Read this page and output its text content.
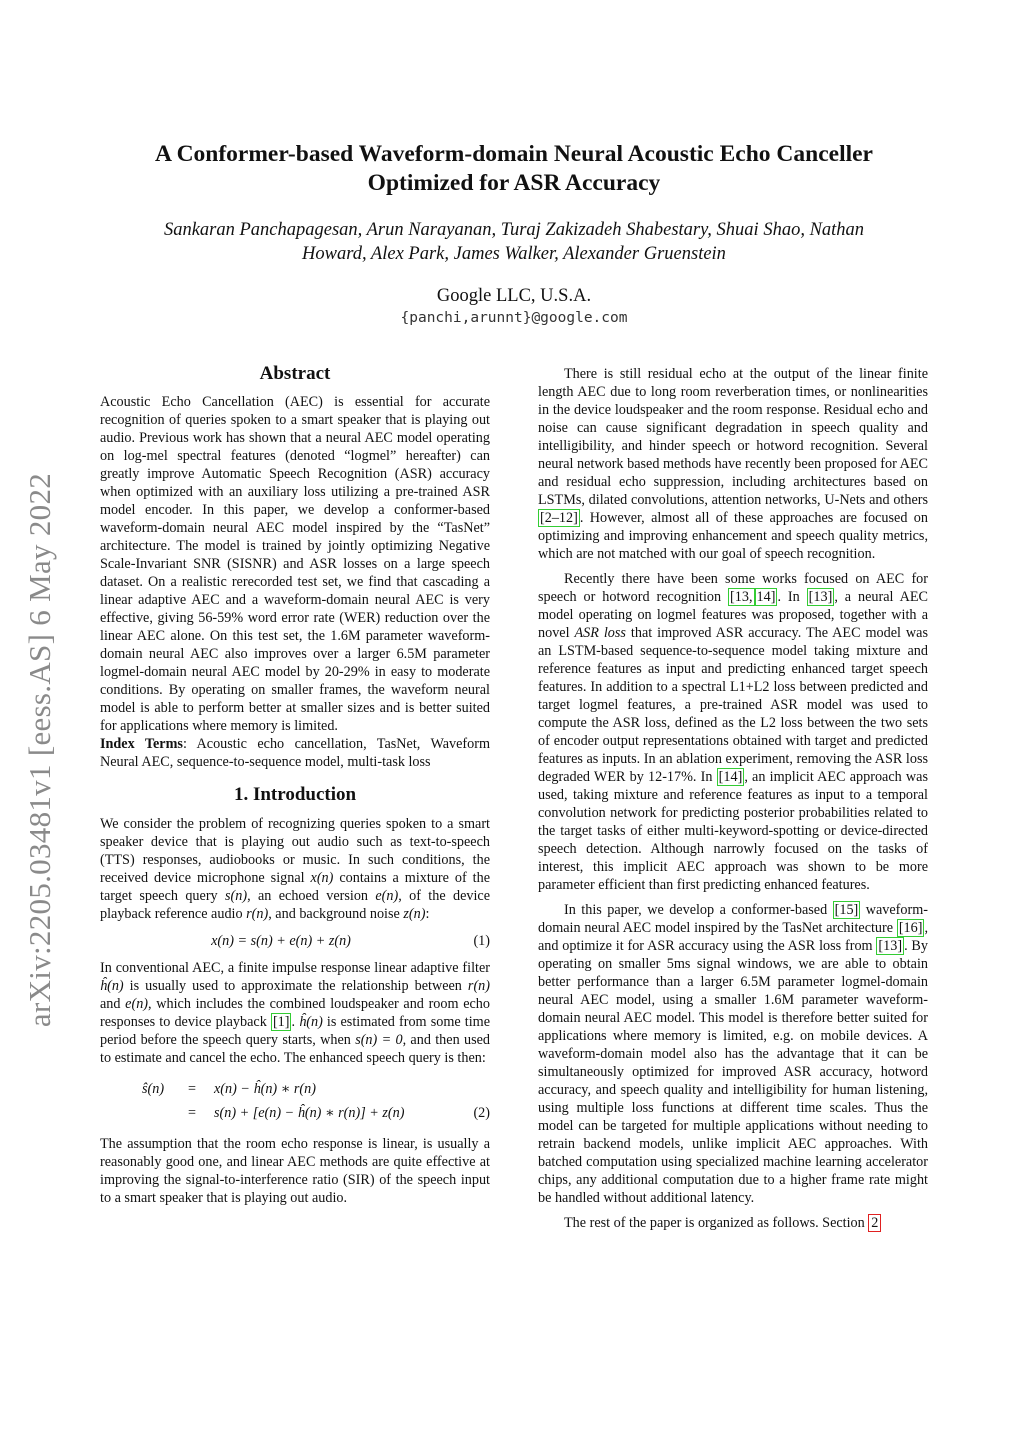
arXiv:2205.03481v1 [eess.AS] 6 May 2022
A Conformer-based Waveform-domain Neural Acoustic Echo Canceller
Optimized for ASR Accuracy
Sankaran Panchapagesan, Arun Narayanan, Turaj Zakizadeh Shabestary, Shuai Shao, Nathan
Howard, Alex Park, James Walker, Alexander Gruenstein
Google LLC, U.S.A.
{panchi,arunnt}@google.com
Abstract

Acoustic Echo Cancellation (AEC) is essential for accurate recognition of queries spoken to a smart speaker that is playing out audio. Previous work has shown that a neural AEC model operating on log-mel spectral features (denoted “logmel” hereafter) can greatly improve Automatic Speech Recognition (ASR) accuracy when optimized with an auxiliary loss utilizing a pre-trained ASR model encoder. In this paper, we develop a conformer-based waveform-domain neural AEC model inspired by the “TasNet” architecture. The model is trained by jointly optimizing Negative Scale-Invariant SNR (SISNR) and ASR losses on a large speech dataset. On a realistic rerecorded test set, we find that cascading a linear adaptive AEC and a waveform-domain neural AEC is very effective, giving 56-59% word error rate (WER) reduction over the linear AEC alone. On this test set, the 1.6M parameter waveform-domain neural AEC also improves over a larger 6.5M parameter logmel-domain neural AEC model by 20-29% in easy to moderate conditions. By operating on smaller frames, the waveform neural model is able to perform better at smaller sizes and is better suited for applications where memory is limited.

Index Terms: Acoustic echo cancellation, TasNet, Waveform Neural AEC, sequence-to-sequence model, multi-task loss

1. Introduction

We consider the problem of recognizing queries spoken to a smart speaker device that is playing out audio such as text-to-speech (TTS) responses, audiobooks or music. In such conditions, the received device microphone signal x(n) contains a mixture of the target speech query s(n), an echoed version e(n), of the device playback reference audio r(n), and background noise z(n):

x(n) = s(n) + e(n) + z(n)	(1)

In conventional AEC, a finite impulse response linear adaptive filter ĥ(n) is usually used to approximate the relationship between r(n) and e(n), which includes the combined loudspeaker and room echo responses to device playback [1] . ĥ(n) is estimated from some time period before the speech query starts, when s(n) = 0, and then used to estimate and cancel the echo. The enhanced speech query is then:

ŝ(n)	=	x(n) − ĥ(n) ∗ r(n)
=	s(n) + [e(n) − ĥ(n) ∗ r(n)] + z(n)	(2)

The assumption that the room echo response is linear, is usually a reasonably good one, and linear AEC methods are quite effective at improving the signal-to-interference ratio (SIR) of the speech input to a smart speaker that is playing out audio.

There is still residual echo at the output of the linear finite length AEC due to long room reverberation times, or nonlinearities in the device loudspeaker and the room response. Residual echo and noise can cause significant degradation in speech quality and intelligibility, and hinder speech or hotword recognition. Several neural network based methods have recently been proposed for AEC and residual echo suppression, including architectures based on LSTMs, dilated convolutions, attention networks, U-Nets and others [2–12] . However, almost all of these approaches are focused on optimizing and improving enhancement and speech quality metrics, which are not matched with our goal of speech recognition.

Recently there have been some works focused on AEC for speech or hotword recognition [13, 14] . In [13] , a neural AEC model operating on logmel features was proposed, together with a novel ASR loss that improved ASR accuracy. The AEC model was an LSTM-based sequence-to-sequence model taking mixture and reference features as input and predicting enhanced target speech features. In addition to a spectral L1+L2 loss between predicted and target logmel features, a pre-trained ASR model was used to compute the ASR loss, defined as the L2 loss between the two sets of encoder output representations obtained with target and predicted features as inputs. In an ablation experiment, removing the ASR loss degraded WER by 12-17%. In [14] , an implicit AEC approach was used, taking mixture and reference features as input to a temporal convolution network for predicting posterior probabilities related to the target tasks of either multi-keyword-spotting or device-directed speech detection. Although narrowly focused on the tasks of interest, this implicit AEC approach was shown to be more parameter efficient than first predicting enhanced features.

In this paper, we develop a conformer-based [15] waveform-domain neural AEC model inspired by the TasNet architecture [16] , and optimize it for ASR accuracy using the ASR loss from [13] . By operating on smaller 5ms signal windows, we are able to obtain better performance than a larger 6.5M parameter logmel-domain neural AEC model, using a smaller 1.6M parameter waveform-domain neural AEC model. This model is therefore better suited for applications where memory is limited, e.g. on mobile devices. A waveform-domain model also has the advantage that it can be simultaneously optimized for improved ASR accuracy, hotword accuracy, and speech quality and intelligibility for human listening, using multiple loss functions at different time scales. Thus the model can be targeted for multiple applications without needing to retrain backend models, unlike implicit AEC approaches. With batched computation using specialized machine learning accelerator chips, any additional computation due to a higher frame rate might be handled without additional latency.

The rest of the paper is organized as follows. Section 2
